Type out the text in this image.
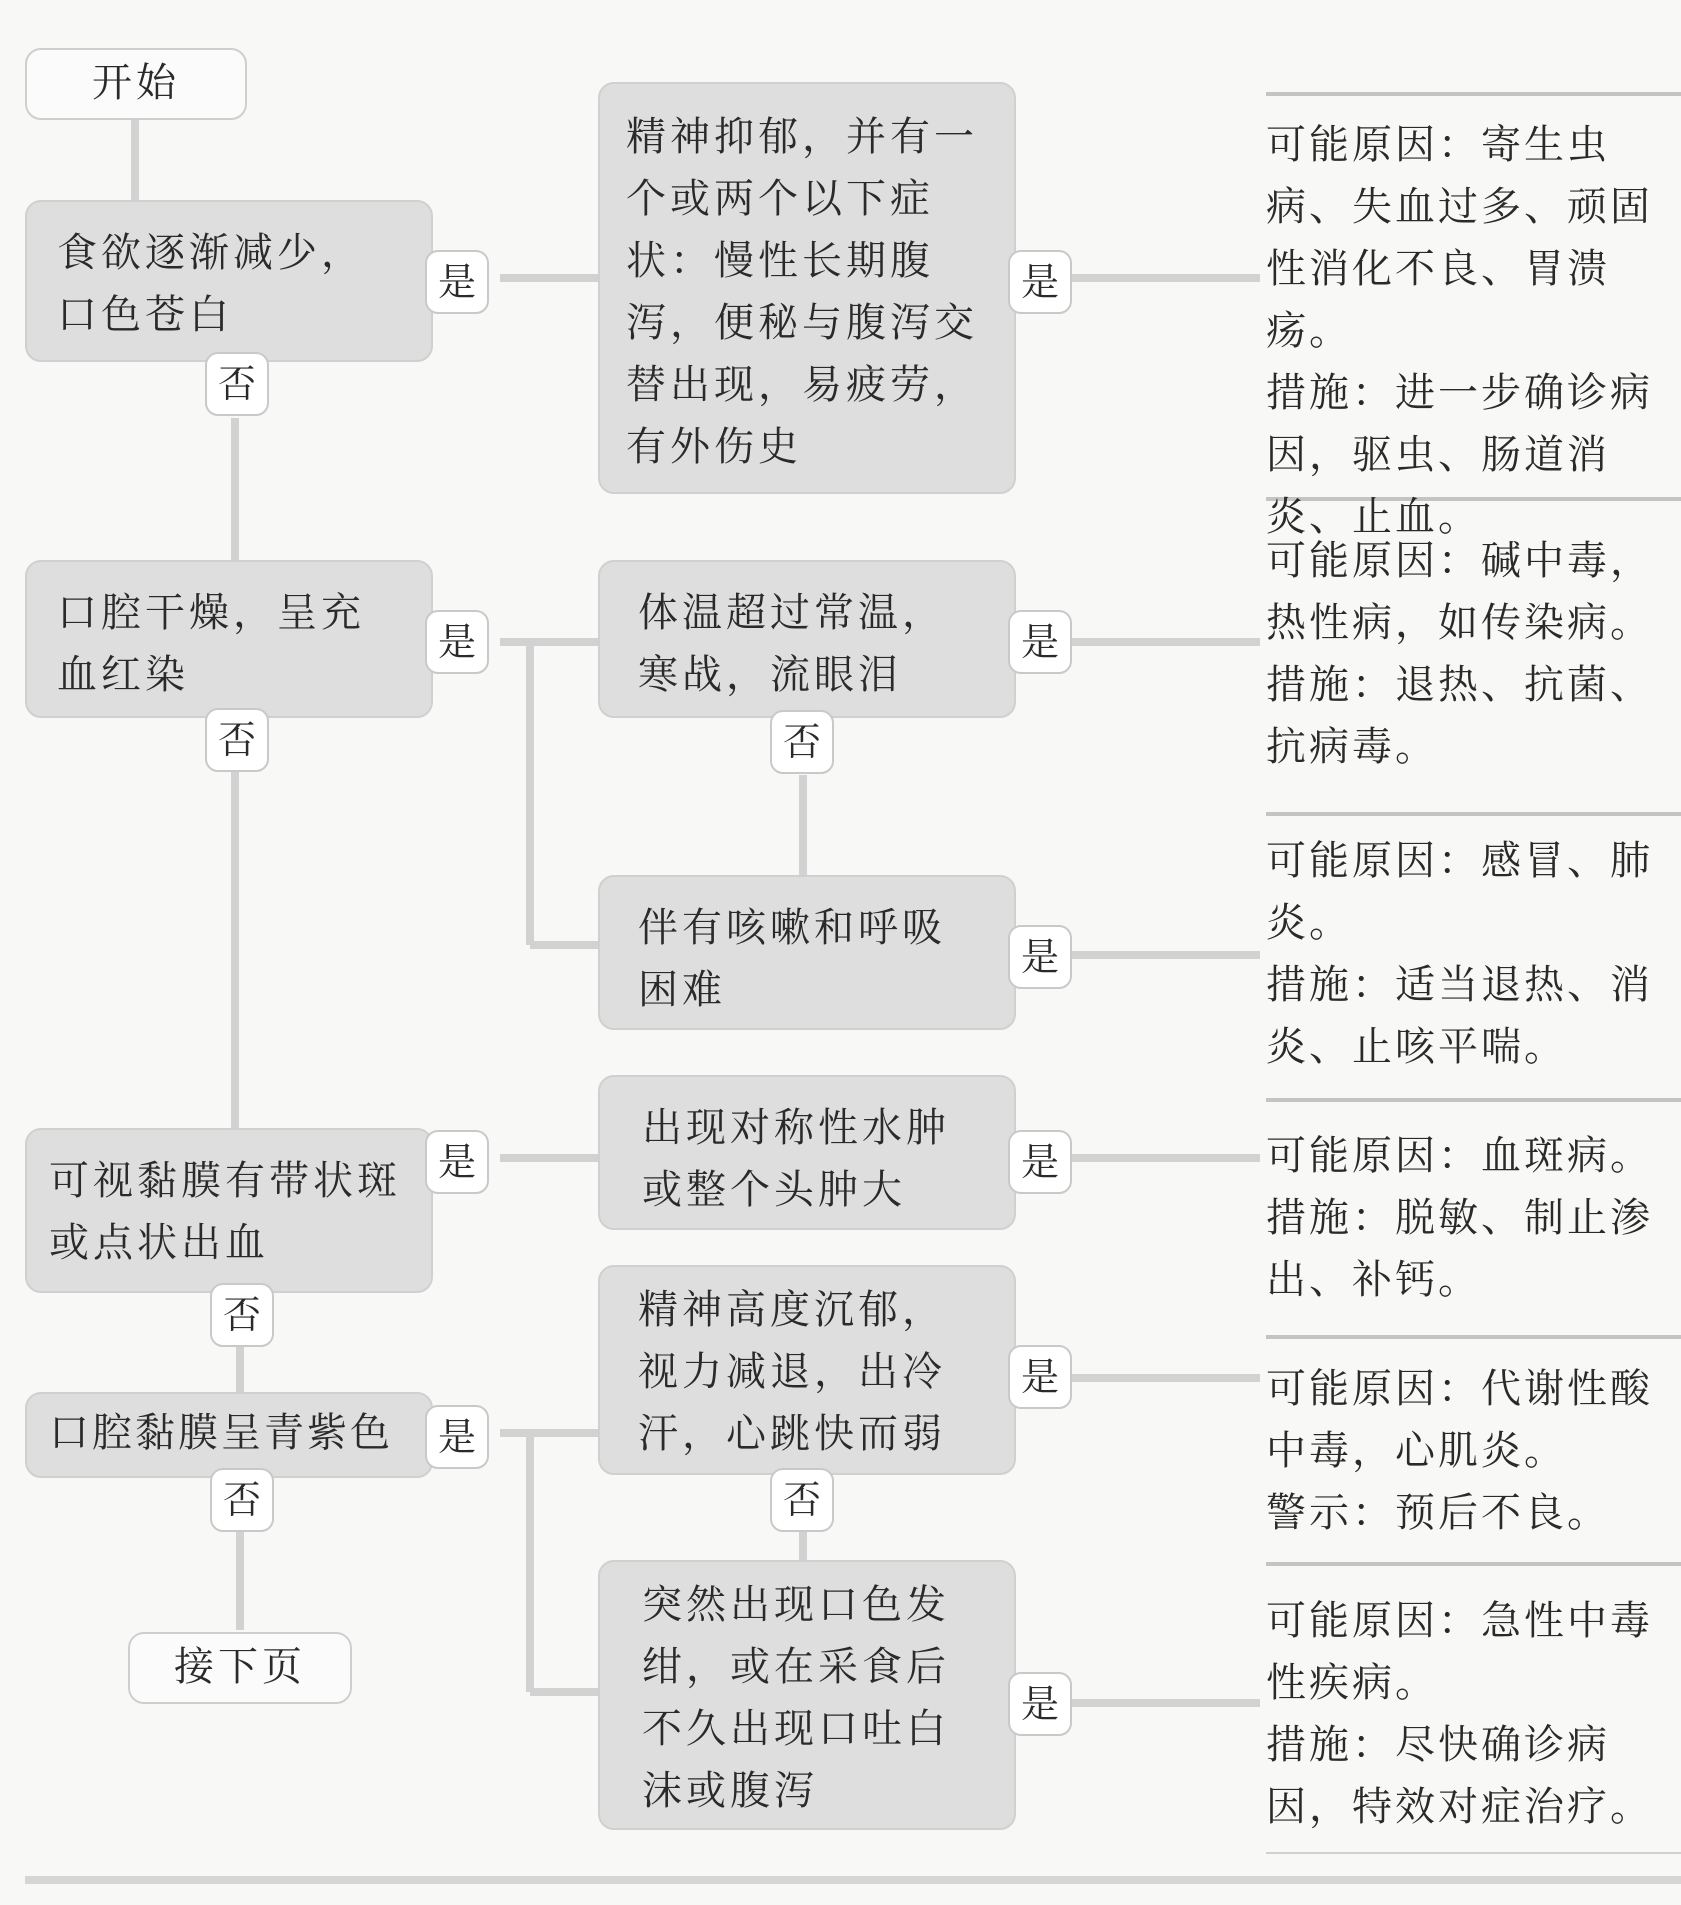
开始
接下页
食欲逐渐减少，口色苍白
口腔干燥，呈充血红染
可视黏膜有带状斑或点状出血
口腔黏膜呈青紫色
精神抑郁，并有一个或两个以下症状：慢性长期腹泻，便秘与腹泻交替出现，易疲劳，有外伤史
体温超过常温，寒战，流眼泪
伴有咳嗽和呼吸困难
出现对称性水肿或整个头肿大
精神高度沉郁，视力减退，出冷汗，心跳快而弱
突然出现口色发绀，或在采食后不久出现口吐白沫或腹泻
是
是
是
是
否
否
否
否
是
是
是
是
是
是
否
否

可能原因：寄生虫病、失血过多、顽固性消化不良、胃溃疡。

措施：进一步确诊病因，驱虫、肠道消炎、止血。

可能原因：碱中毒，热性病，如传染病。

措施：退热、抗菌、抗病毒。

可能原因：感冒、肺炎。

措施：适当退热、消炎、止咳平喘。

可能原因：血斑病。

措施：脱敏、制止渗出、补钙。

可能原因：代谢性酸中毒，心肌炎。

警示：预后不良。

可能原因：急性中毒性疾病。

措施：尽快确诊病因，特效对症治疗。
